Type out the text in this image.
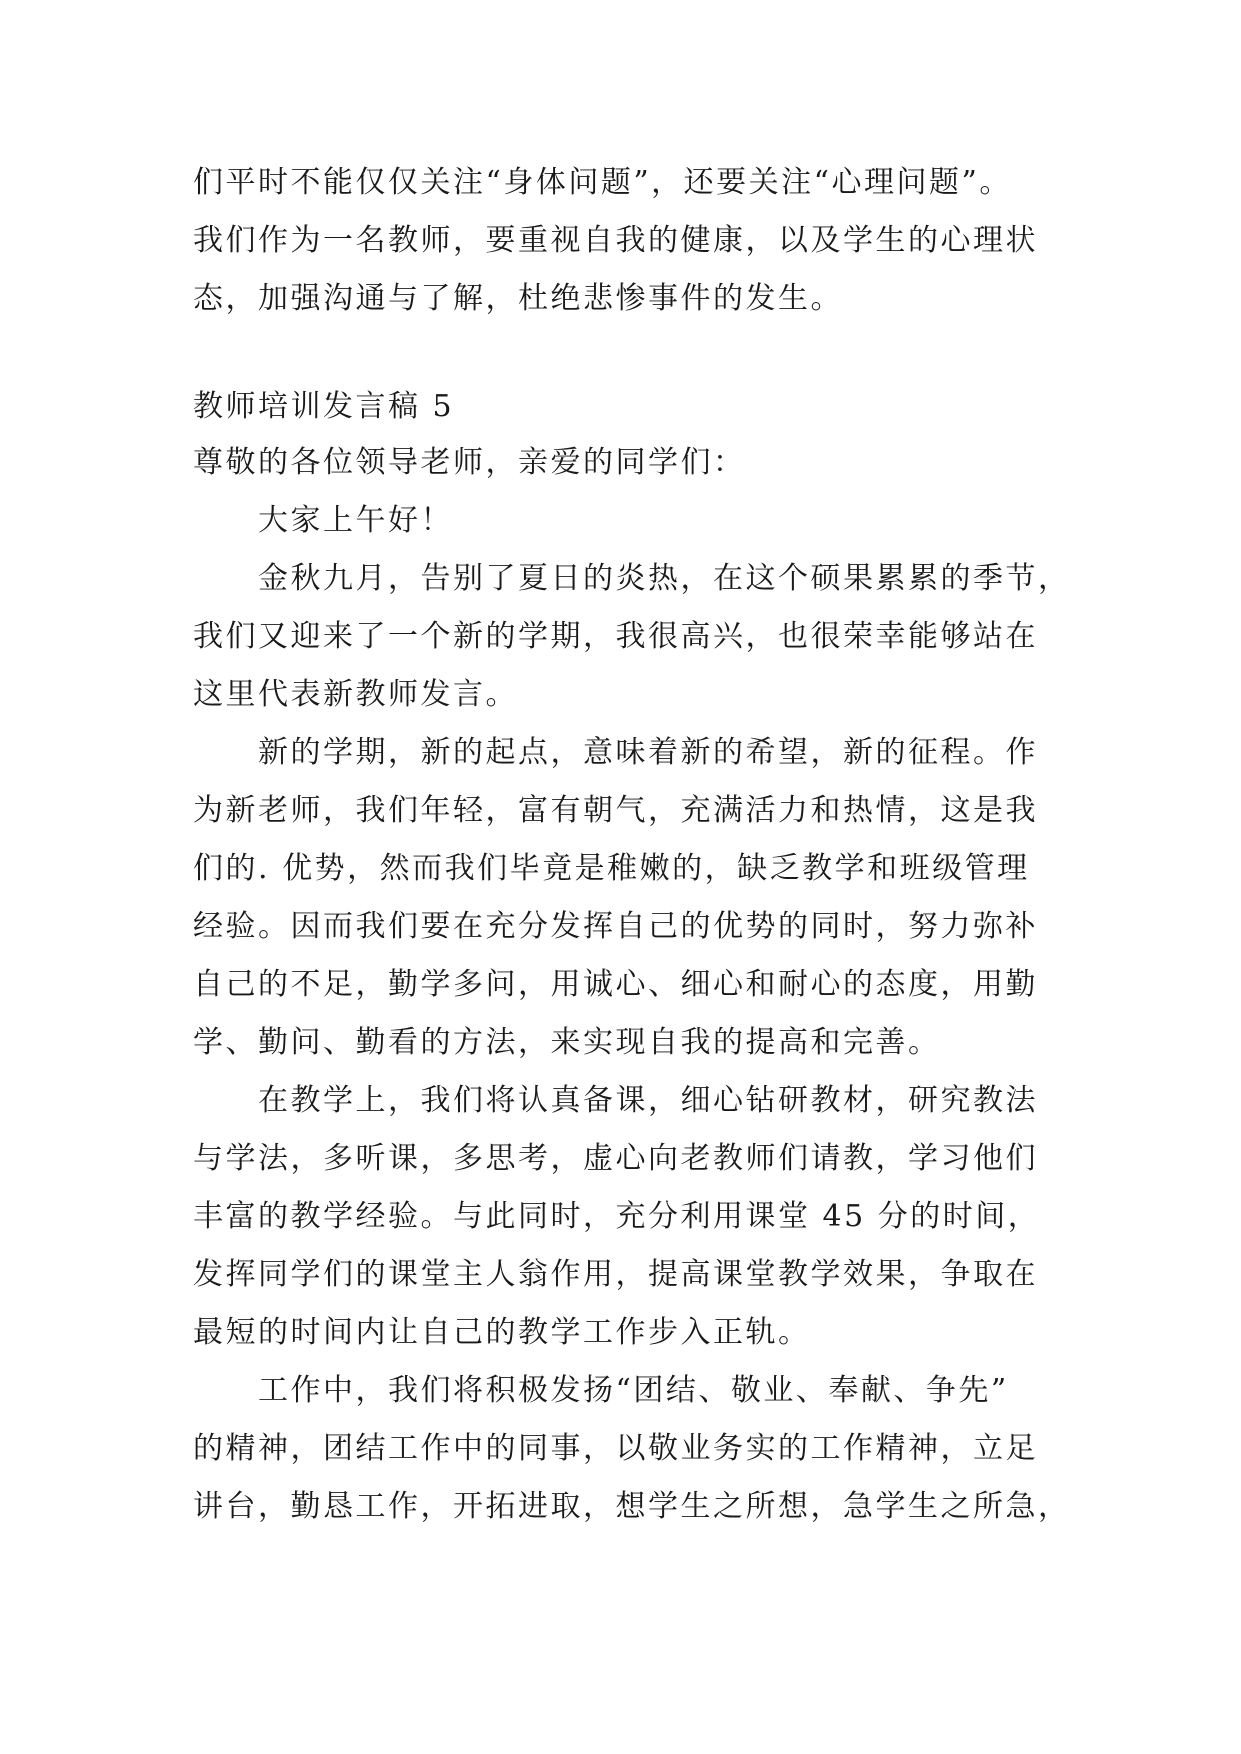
们平时不能仅仅关注“身体问题”，还要关注“心理问题”。
我们作为一名教师，要重视自我的健康，以及学生的心理状
态，加强沟通与了解，杜绝悲惨事件的发生。

教师培训发言稿 5

尊敬的各位领导老师，亲爱的同学们：

　　大家上午好！

　　金秋九月，告别了夏日的炎热，在这个硕果累累的季节，
我们又迎来了一个新的学期，我很高兴，也很荣幸能够站在
这里代表新教师发言。

　　新的学期，新的起点，意味着新的希望，新的征程。作
为新老师，我们年轻，富有朝气，充满活力和热情，这是我
们的. 优势，然而我们毕竟是稚嫩的，缺乏教学和班级管理
经验。因而我们要在充分发挥自己的优势的同时，努力弥补
自己的不足，勤学多问，用诚心、细心和耐心的态度，用勤
学、勤问、勤看的方法，来实现自我的提高和完善。

　　在教学上，我们将认真备课，细心钻研教材，研究教法
与学法，多听课，多思考，虚心向老教师们请教，学习他们
丰富的教学经验。与此同时，充分利用课堂 45 分的时间，
发挥同学们的课堂主人翁作用，提高课堂教学效果，争取在
最短的时间内让自己的教学工作步入正轨。

　　工作中，我们将积极发扬“团结、敬业、奉献、争先”
的精神，团结工作中的同事，以敬业务实的工作精神，立足
讲台，勤恳工作，开拓进取，想学生之所想，急学生之所急，
